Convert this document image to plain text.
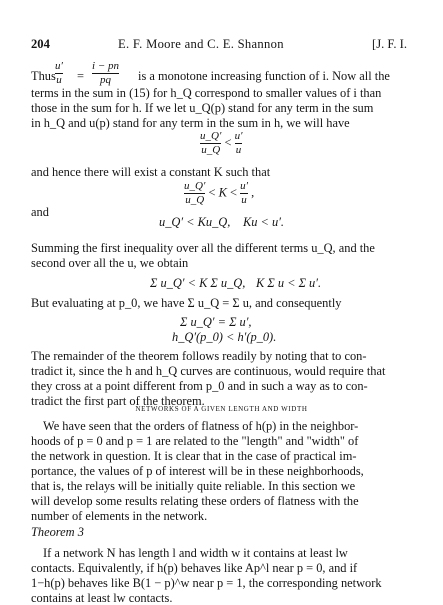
204	E. F. Moore and C. E. Shannon	[J. F. I.
Thus $\frac{u'}{u} = \frac{i - pn}{pq}$ is a monotone increasing function of i. Now all the
terms in the sum in (15) for h_Q correspond to smaller values of i than
those in the sum for h. If we let u_Q(p) stand for any term in the sum
in h_Q and u(p) stand for any term in the sum in h, we will have
$\frac{u\_Q'}{u\_Q} < \frac{u'}{u}$
and hence there will exist a constant K such that
$\frac{u\_Q'}{u\_Q} < K < \frac{u'}{u}$ ,
and
u_Q′ < Ku_Q, Ku < u′.
Summing the first inequality over all the different terms u_Q, and the
second over all the u, we obtain
Σ u_Q′ < K Σ u_Q, K Σ u < Σ u′.
But evaluating at p_0, we have Σ u_Q = Σ u, and consequently
Σ u_Q′ = Σ u′,
h_Q′(p_0) < h′(p_0).
The remainder of the theorem follows readily by noting that to con-
tradict it, since the h and h_Q curves are continuous, would require that
they cross at a point different from p_0 and in such a way as to con-
tradict the first part of the theorem.
NETWORKS OF A GIVEN LENGTH AND WIDTH
We have seen that the orders of flatness of h(p) in the neighbor-
hoods of p = 0 and p = 1 are related to the "length" and "width" of
the network in question. It is clear that in the case of practical im-
portance, the values of p of interest will be in these neighborhoods,
that is, the relays will be initially quite reliable. In this section we
will develop some results relating these orders of flatness with the
number of elements in the network.
Theorem 3
If a network N has length l and width w it contains at least lw
contacts. Equivalently, if h(p) behaves like Ap^l near p = 0, and if
1−h(p) behaves like B(1 − p)^w near p = 1, the corresponding network
contains at least lw contacts.
